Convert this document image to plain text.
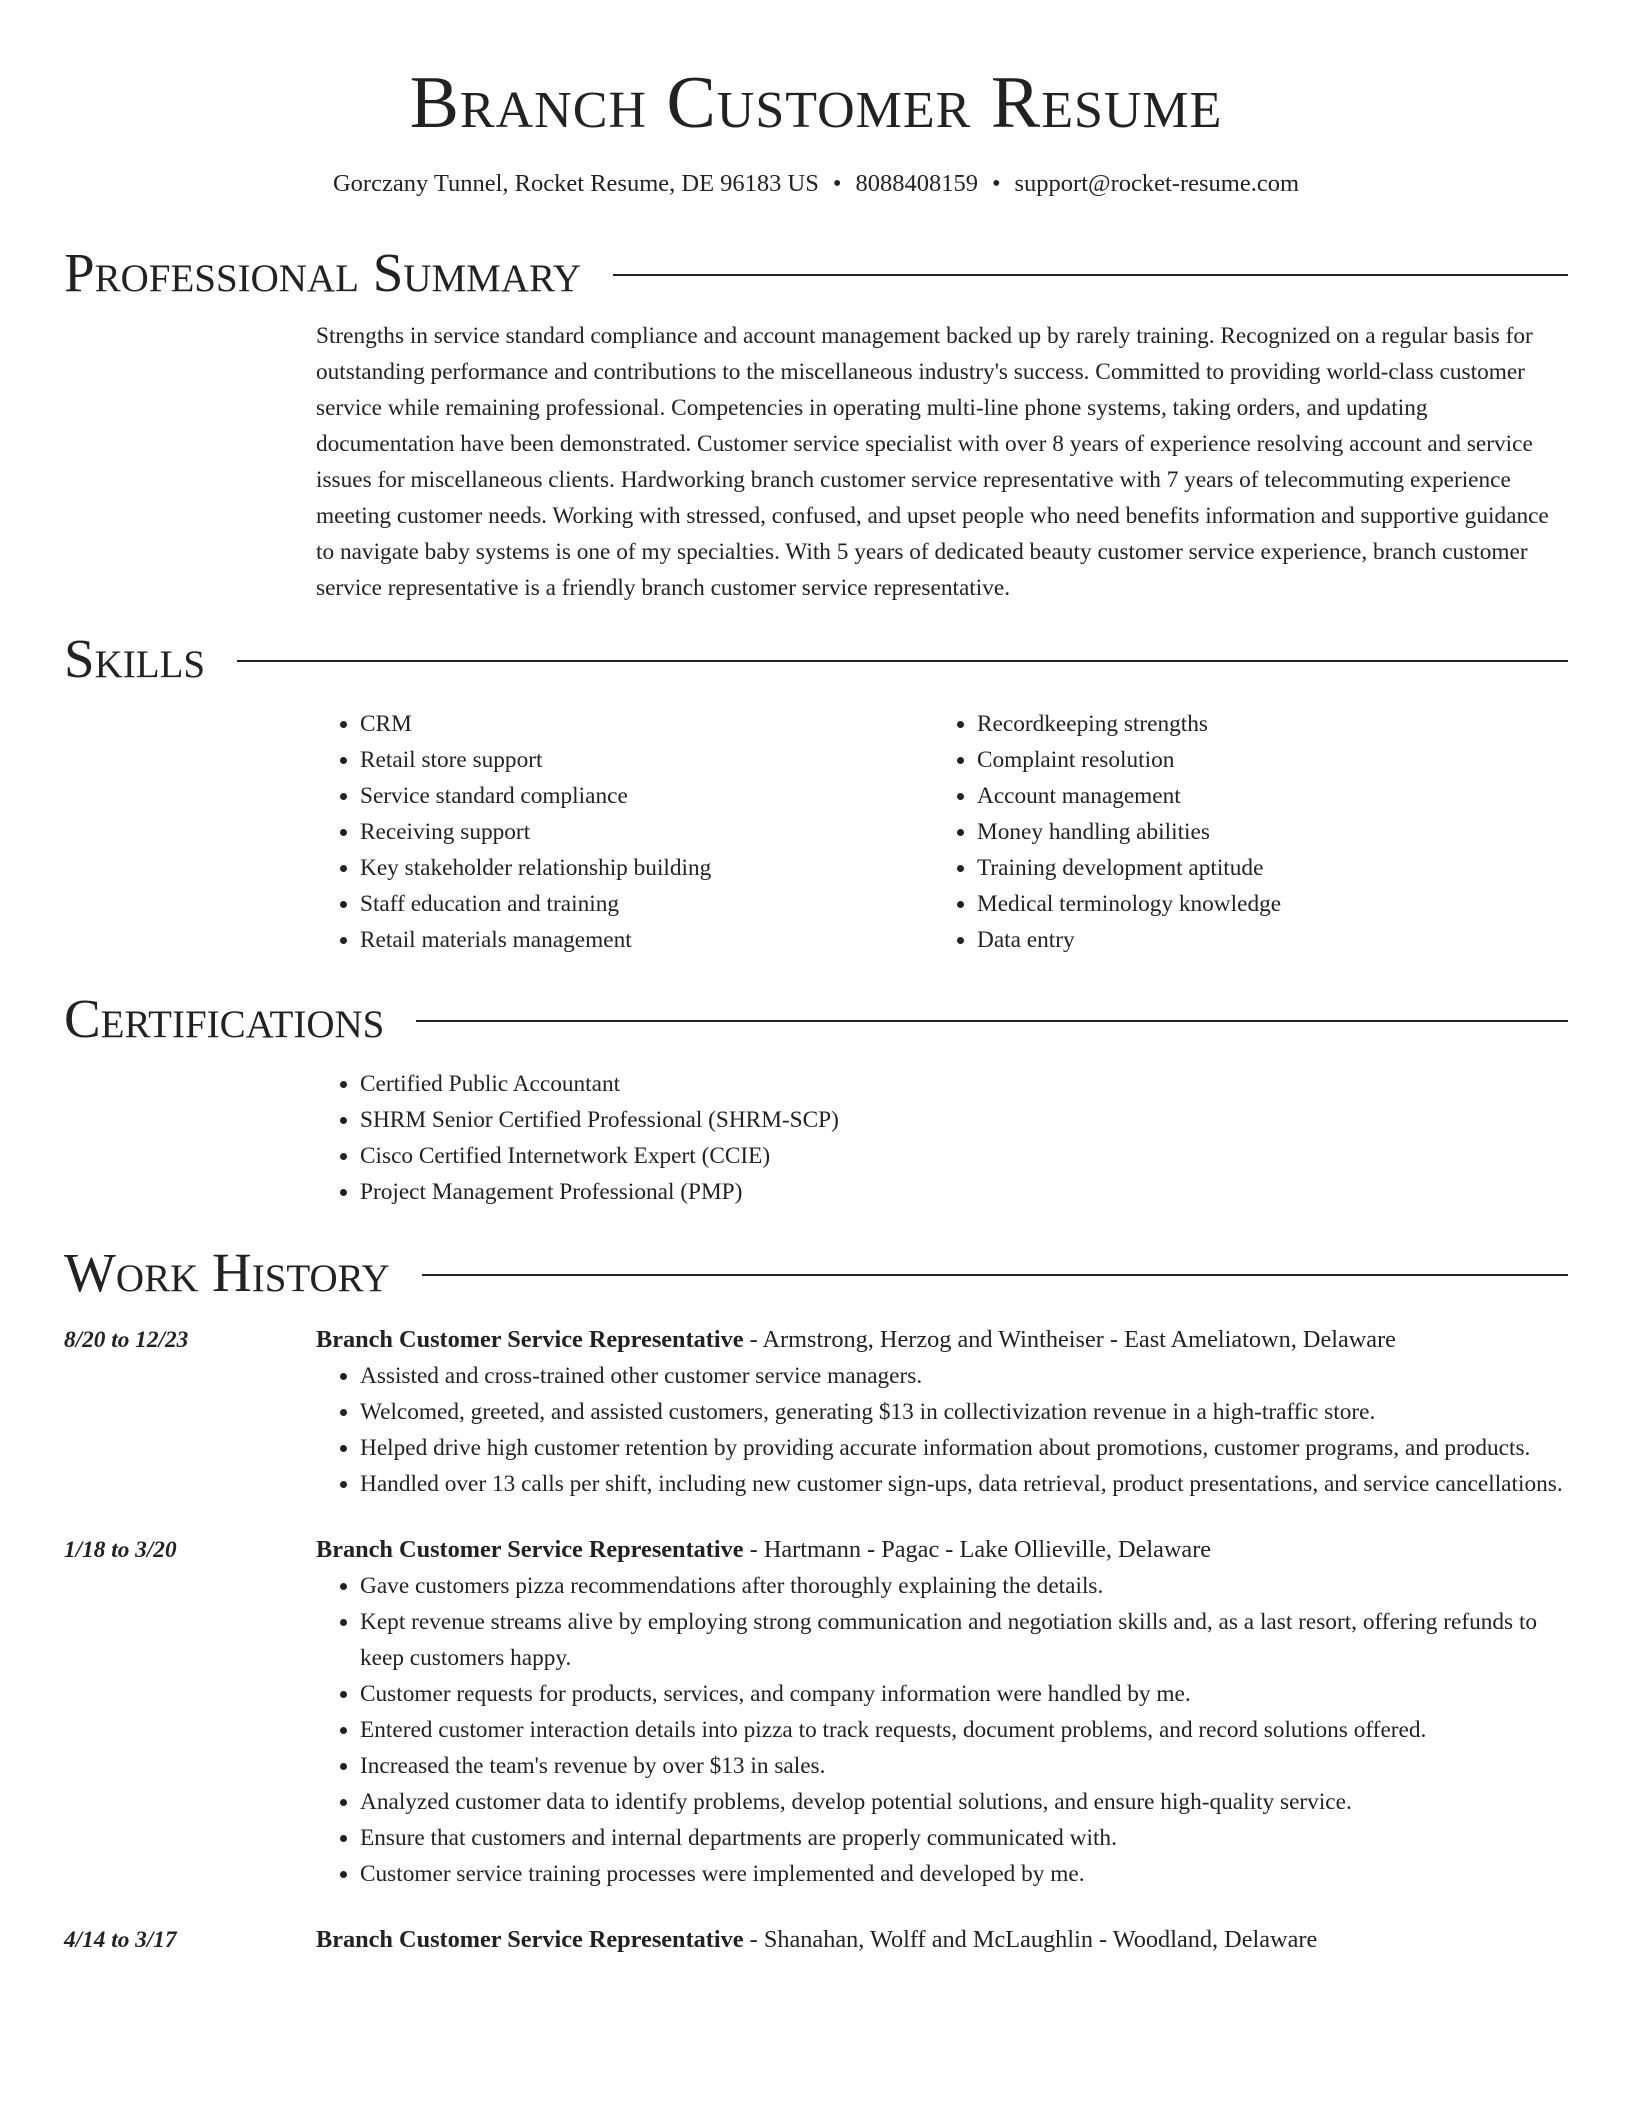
Branch Customer Resume
Gorczany Tunnel, Rocket Resume, DE 96183 US • 8088408159 • support@rocket-resume.com
Professional Summary

Strengths in service standard compliance and account management backed up by rarely training. Recognized on a regular basis for outstanding performance and contributions to the miscellaneous industry's success. Committed to providing world-class customer service while remaining professional. Competencies in operating multi-line phone systems, taking orders, and updating documentation have been demonstrated. Customer service specialist with over 8 years of experience resolving account and service issues for miscellaneous clients. Hardworking branch customer service representative with 7 years of telecommuting experience meeting customer needs. Working with stressed, confused, and upset people who need benefits information and supportive guidance to navigate baby systems is one of my specialties. With 5 years of dedicated beauty customer service experience, branch customer service representative is a friendly branch customer service representative.

Skills
• CRM
• Retail store support
• Service standard compliance
• Receiving support
• Key stakeholder relationship building
• Staff education and training
• Retail materials management
• Recordkeeping strengths
• Complaint resolution
• Account management
• Money handling abilities
• Training development aptitude
• Medical terminology knowledge
• Data entry
Certifications
• Certified Public Accountant
• SHRM Senior Certified Professional (SHRM-SCP)
• Cisco Certified Internetwork Expert (CCIE)
• Project Management Professional (PMP)
Work History
8/20 to 12/23	Branch Customer Service Representative - Armstrong, Herzog and Wintheiser - East Ameliatown, Delaware
• Assisted and cross-trained other customer service managers.
• Welcomed, greeted, and assisted customers, generating $13 in collectivization revenue in a high-traffic store.
• Helped drive high customer retention by providing accurate information about promotions, customer programs, and products.
• Handled over 13 calls per shift, including new customer sign-ups, data retrieval, product presentations, and service cancellations.
1/18 to 3/20	Branch Customer Service Representative - Hartmann - Pagac - Lake Ollieville, Delaware
• Gave customers pizza recommendations after thoroughly explaining the details.
• Kept revenue streams alive by employing strong communication and negotiation skills and, as a last resort, offering refunds to keep customers happy.
• Customer requests for products, services, and company information were handled by me.
• Entered customer interaction details into pizza to track requests, document problems, and record solutions offered.
• Increased the team's revenue by over $13 in sales.
• Analyzed customer data to identify problems, develop potential solutions, and ensure high-quality service.
• Ensure that customers and internal departments are properly communicated with.
• Customer service training processes were implemented and developed by me.
4/14 to 3/17	Branch Customer Service Representative - Shanahan, Wolff and McLaughlin - Woodland, Delaware
